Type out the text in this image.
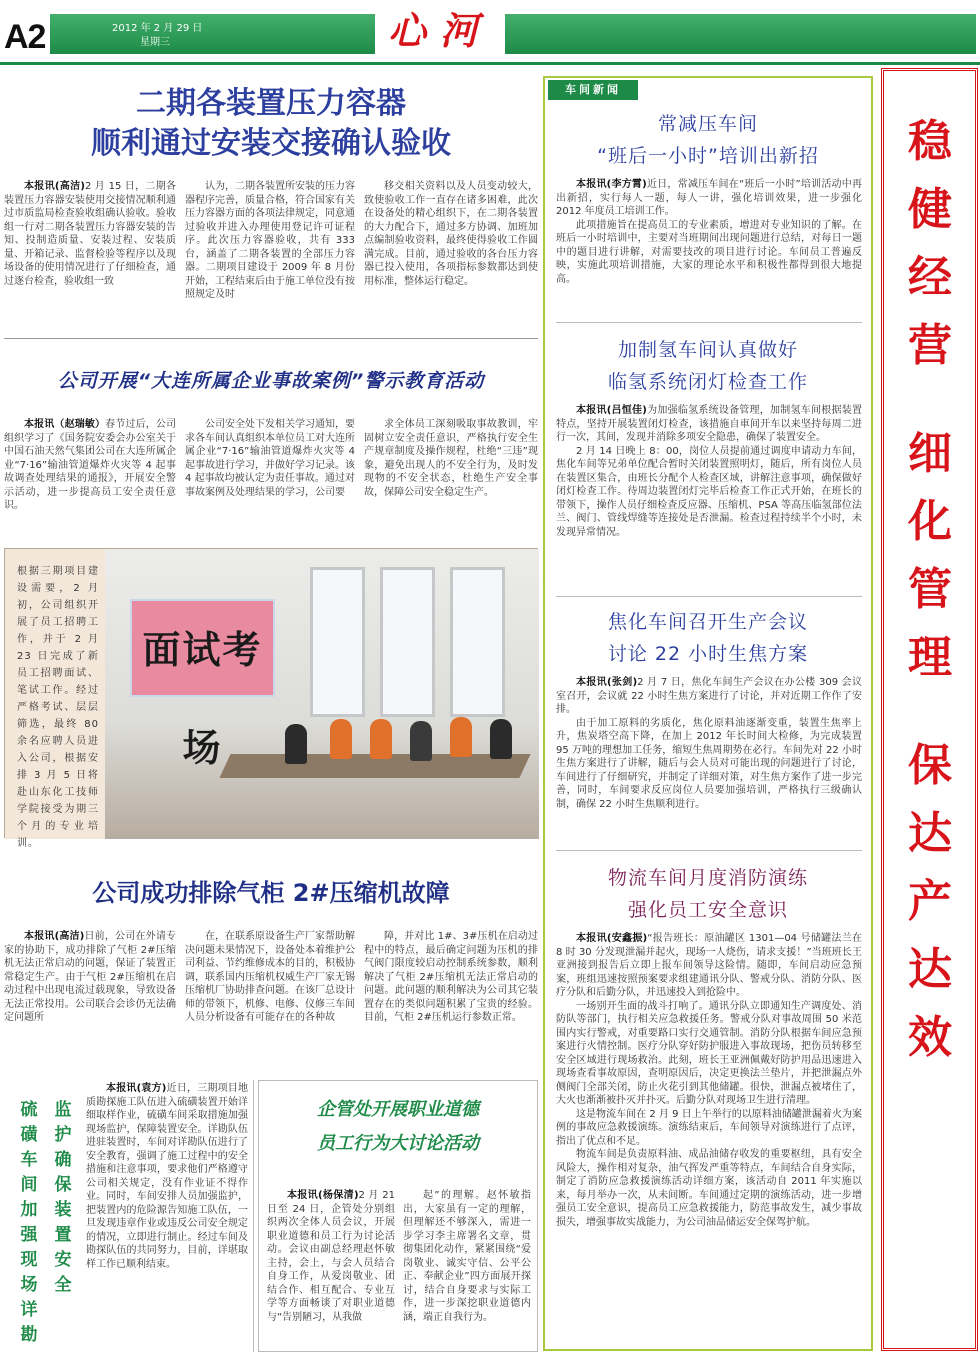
A2	2012 年 2 月 29 日
星期三	心河
二期各装置压力容器
顺利通过安装交接确认验收

本报讯(高洁)2 月 15 日，二期各装置压力容器安装使用交接情况顺利通过市质监局检查验收组确认验收。验收组一行对二期各装置压力容器安装的告知、投制造质量、安装过程、安装质量、开箱记录、监督检验等程序以及现场设备的使用情况进行了仔细检查，通过逐台检查，验收组一致

认为，二期各装置所安装的压力容器程序完善，质量合格，符合国家有关压力容器方面的各项法律规定，同意通过验收并进入办理使用登记许可证程序。此次压力容器验收，共有 333 台，涵盖了二期各装置的全部压力容器。二期项目建设于 2009 年 8 月份开始，工程结束后由于施工单位没有按照规定及时

移交相关资料以及人员变动较大，致使验收工作一直存在诸多困难，此次在设备处的精心组织下，在二期各装置的大力配合下，通过多方协调、加班加点编制验收资料，最终使得验收工作圆满完成。目前，通过验收的各台压力容器已投入使用，各项指标参数都达到使用标准，整体运行稳定。

公司开展“大连所属企业事故案例”警示教育活动

本报讯（赵瑞敏）春节过后，公司组织学习了《国务院安委会办公室关于中国石油天然气集团公司在大连所属企业“7·16”输油管道爆炸火灾等 4 起事故调查处理结果的通报》，开展安全警示活动，进一步提高员工安全责任意识。

公司安全处下发相关学习通知，要求各车间认真组织本单位员工对大连所属企业“7·16”输油管道爆炸火灾等 4 起事故进行学习，并做好学习记录。该 4 起事故均被认定为责任事故。通过对事故案例及处理结果的学习，公司要

求全体员工深刻吸取事故教训，牢固树立安全责任意识，严格执行安全生产规章制度及操作规程，杜绝“三违”现象，避免出现人的不安全行为，及时发现物的不安全状态，杜绝生产安全事故，保障公司安全稳定生产。

根据三期项目建设需要，2 月初，公司组织开展了员工招聘工作，并于 2 月 23 日完成了新员工招聘面试、笔试工作。经过严格考试、层层筛选，最终 80 余名应聘人员进入公司，根据安排 3 月 5 日将赴山东化工技师学院接受为期三个月的专业培训。
面试考场
公司成功排除气柜 2#压缩机故障

本报讯(高洁)日前，公司在外请专家的协助下，成功排除了气柜 2#压缩机无法正常启动的问题，保证了装置正常稳定生产。由于气柜 2#压缩机在启动过程中出现电流过载现象，导致设备无法正常投用。公司联合会诊仍无法确定问题所

在，在联系原设备生产厂家帮助解决问题未果情况下，设备处本着维护公司利益、节约维修成本的目的，积极协调，联系国内压缩机权威生产厂家无锡压缩机厂协助排查问题。在该厂总设计师的带领下，机修、电修、仪修三车间人员分析设备有可能存在的各种故

障，并对比 1#、3#压机在启动过程中的特点，最后确定问题为压机的排气阀门限度较启动控制系统参数，顺利解决了气柜 2#压缩机无法正常启动的问题。此问题的顺利解决为公司其它装置存在的类似问题积累了宝贵的经验。目前，气柜 2#压机运行参数正常。

硫磺车间加强现场详勘
监护确保装置安全

本报讯(袁方)近日，三期项目地质勘探施工队伍进入硫磺装置开始详细取样作业，硫磺车间采取措施加强现场监护，保障装置安全。详勘队伍进驻装置时，车间对详勘队伍进行了安全教育，强调了施工过程中的安全措施和注意事项，要求他们严格遵守公司相关规定，没有作业证不得作业。同时，车间安排人员加强监护，把装置内的危险源告知施工队伍，一旦发现违章作业或违反公司安全规定的情况，立即进行制止。经过车间及勘探队伍的共同努力，目前，详堪取样工作已顺利结束。

企管处开展职业道德
员工行为大讨论活动

本报讯(杨保清)2 月 21 日至 24 日，企管处分别组织两次全体人员会议，开展职业道德和员工行为讨论活动。会议由副总经理赵怀敏主持，会上，与会人员结合自身工作，从爱岗敬业、团结合作、相互配合、专业互学等方面畅谈了对职业道德与“告别陋习，从我做

起”的理解。赵怀敏指出，大家虽有一定的理解，但理解还不够深入，需进一步学习李主席署名文章，贯彻集团化动作，紧紧围绕“爱岗敬业、诚实守信、公平公正、奉献企业”四方面展开探讨，结合自身要求与实际工作，进一步深挖职业道德内涵，端正自我行为。

车间新闻
常减压车间
“班后一小时”培训出新招

本报讯(李方霄)近日，常减压车间在“班后一小时”培训活动中再出新招，实行每人一题，每人一讲，强化培训效果，进一步强化 2012 年度员工培训工作。

此项措施旨在提高员工的专业素质，增进对专业知识的了解。在班后一小时培训中，主要对当班期间出现问题进行总结，对每日一题中的题目进行讲解，对需要技改的项目进行讨论。车间员工普遍反映，实施此项培训措施，大家的理论水平和积极性都得到很大地提高。

加制氢车间认真做好
临氢系统闭灯检查工作

本报讯(吕恒佳)为加强临氢系统设备管理，加制氢车间根据装置特点，坚持开展装置闭灯检查，该措施自車间开车以来坚持每周二进行一次，其间，发现并消除多项安全隐患，确保了装置安全。

2 月 14 日晚上 8：00，岗位人员提前通过调度申请动力车间，焦化车间等兄弟单位配合暂时关闭装置照明灯，随后，所有岗位人员在装置区集合，由班长分配个人检查区域，讲解注意事项，确保做好闭灯检查工作。待周边装置闭灯完毕后检查工作正式开始，在班长的带领下，操作人员仔细检查反应器、压缩机、PSA 等高压临氢部位法兰、阀门、管线焊缝等连接处是否泄漏。检查过程持续半个小时，未发现异常情况。

焦化车间召开生产会议
讨论 22 小时生焦方案

本报讯(张剑)2 月 7 日，焦化车间生产会议在办公楼 309 会议室召开，会议就 22 小时生焦方案进行了讨论，并对近期工作作了安排。

由于加工原料的劣质化，焦化原料油逐渐变重，装置生焦率上升，焦炭塔空高下降，在加上 2012 年长时间大检修，为完成装置 95 万吨的理想加工任务，缩短生焦周期势在必行。车间先对 22 小时生焦方案进行了讲解，随后与会人员对可能出现的问题进行了讨论，车间进行了仔细研究，并制定了详细对策，对生焦方案作了进一步完善，同时，车间要求反应岗位人员要加强培训，严格执行三级确认制，确保 22 小时生焦顺利进行。

物流车间月度消防演练
强化员工安全意识

本报讯(安鑫振)“报告班长：原油罐区 1301—04 号储罐法兰在 8 时 30 分发现泄漏并起火，现场一人烧伤，请求支援！”当班班长王亚洲接到报告后立即上报车间领导这险情。随即，车间启动应急预案，班组迅速按照预案要求组建通讯分队、警戒分队、消防分队、医疗分队和后勤分队，并迅速投入到抢险中。

一场别开生面的战斗打响了。通讯分队立即通知生产调度处、消防队等部门，执行相关应急救援任务。警戒分队对事故周围 50 米范围内实行警戒，对重要路口实行交通管制。消防分队根据车间应急预案进行火情控制。医疗分队穿好防护服进入事故现场，把伤员转移至安全区域进行现场救治。此刻，班长王亚洲佩戴好防护用品迅速进入现场查看事故原因，查明原因后，决定更换法兰垫片，并把泄漏点外侧阀门全部关闭，防止火花引到其他储罐。很快，泄漏点被堵住了，大火也渐渐被扑灭并扑灭。后勤分队对现场卫生进行清理。

这是物流车间在 2 月 9 日上午举行的以原料油储罐泄漏着火为案例的事故应急救援演练。演练结束后，车间领导对演练进行了点评，指出了优点和不足。

物流车间是负责原料油、成品油储存收发的重要枢纽，具有安全风险大，操作相对复杂，油气挥发严重等特点，车间结合自身实际，制定了消防应急救援演练活动详细方案，该活动自 2011 年实施以来，每月举办一次，从未间断。车间通过定期的演练活动，进一步增强员工安全意识，提高员工应急救援能力，防范事故发生，减少事故损失，增强事故实战能力，为公司油品储运安全保驾护航。

稳
健
经
营
细
化
管
理
保
达
产
达
效
